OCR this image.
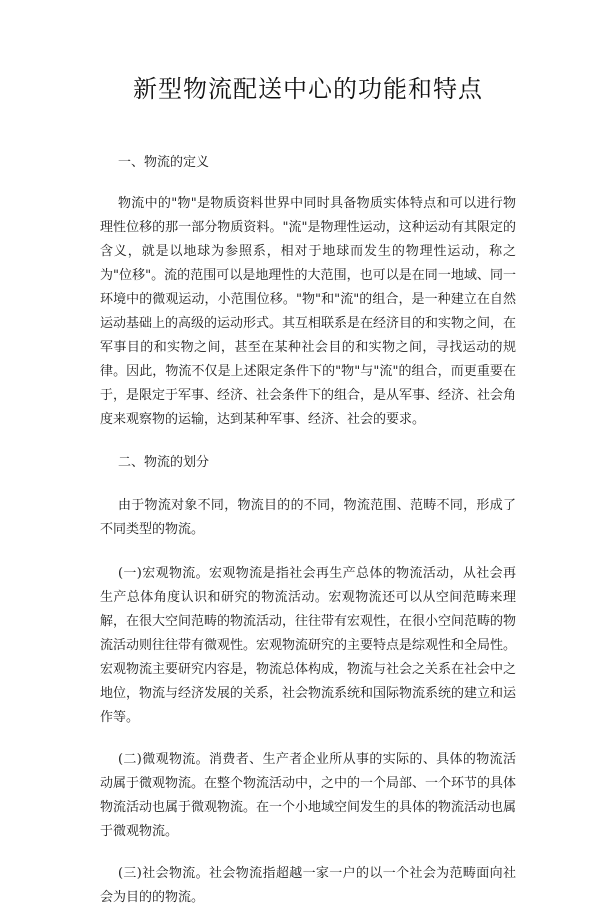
新型物流配送中心的功能和特点
一、物流的定义

物流中的"物"是物质资料世界中同时具备物质实体特点和可以进行物理性位移的那一部分物质资料。"流"是物理性运动，这种运动有其限定的含义，就是以地球为参照系，相对于地球而发生的物理性运动，称之为"位移"。流的范围可以是地理性的大范围，也可以是在同一地域、同一环境中的微观运动，小范围位移。"物"和"流"的组合，是一种建立在自然运动基础上的高级的运动形式。其互相联系是在经济目的和实物之间，在军事目的和实物之间，甚至在某种社会目的和实物之间，寻找运动的规律。因此，物流不仅是上述限定条件下的"物"与"流"的组合，而更重要在于，是限定于军事、经济、社会条件下的组合，是从军事、经济、社会角度来观察物的运输，达到某种军事、经济、社会的要求。

二、物流的划分

由于物流对象不同，物流目的的不同，物流范围、范畴不同，形成了不同类型的物流。

(一)宏观物流。宏观物流是指社会再生产总体的物流活动，从社会再生产总体角度认识和研究的物流活动。宏观物流还可以从空间范畴来理解，在很大空间范畴的物流活动，往往带有宏观性，在很小空间范畴的物流活动则往往带有微观性。宏观物流研究的主要特点是综观性和全局性。宏观物流主要研究内容是，物流总体构成，物流与社会之关系在社会中之地位，物流与经济发展的关系，社会物流系统和国际物流系统的建立和运作等。

(二)微观物流。消费者、生产者企业所从事的实际的、具体的物流活动属于微观物流。在整个物流活动中，之中的一个局部、一个环节的具体物流活动也属于微观物流。在一个小地域空间发生的具体的物流活动也属于微观物流。

(三)社会物流。社会物流指超越一家一户的以一个社会为范畴面向社会为目的的物流。
